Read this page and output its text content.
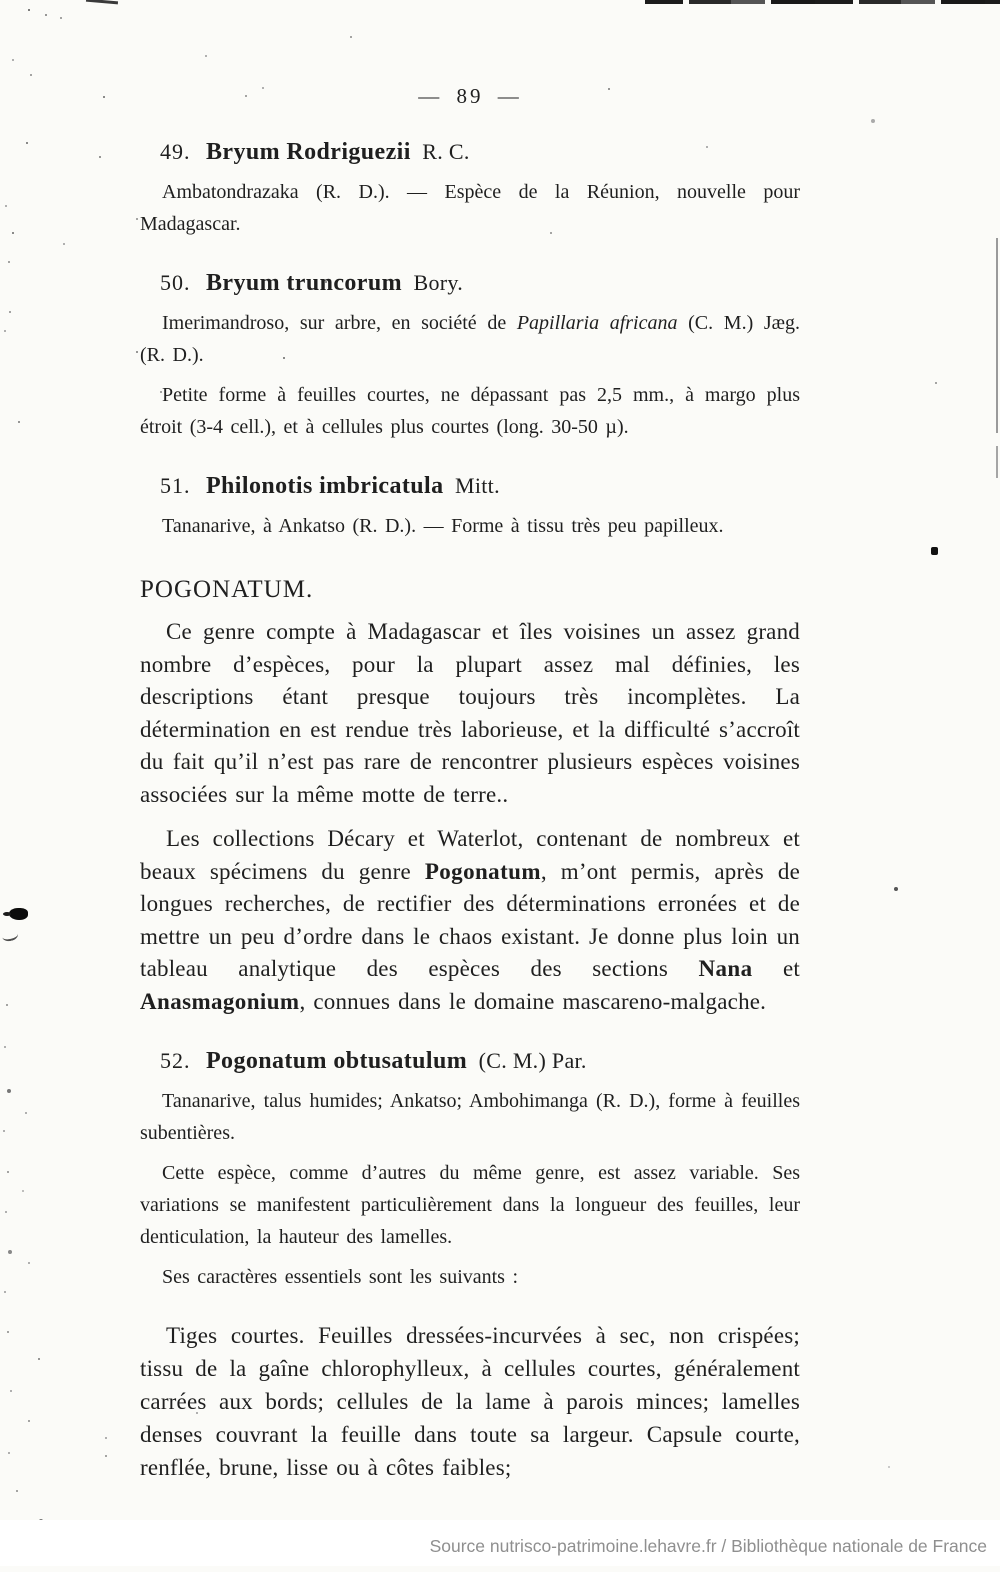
— 89 —
49. Bryum Rodriguezii R. C.

Ambatondrazaka (R. D.). — Espèce de la Réunion, nouvelle pour Madagascar.

50. Bryum truncorum Bory.

Imerimandroso, sur arbre, en société de Papillaria africana (C. M.) Jæg. (R. D.).

Petite forme à feuilles courtes, ne dépassant pas 2,5 mm., à margo plus étroit (3-4 cell.), et à cellules plus courtes (long. 30-50 µ).

51. Philonotis imbricatula Mitt.

Tananarive, à Ankatso (R. D.). — Forme à tissu très peu papilleux.

POGONATUM.

Ce genre compte à Madagascar et îles voisines un assez grand nombre d’espèces, pour la plupart assez mal définies, les descriptions étant presque toujours très incomplètes. La détermination en est rendue très laborieuse, et la difficulté s’accroît du fait qu’il n’est pas rare de rencontrer plusieurs espèces voisines associées sur la même motte de terre..

Les collections Décary et Waterlot, contenant de nombreux et beaux spécimens du genre Pogonatum, m’ont permis, après de longues recherches, de rectifier des déterminations erronées et de mettre un peu d’ordre dans le chaos existant. Je donne plus loin un tableau analytique des espèces des sections Nana et Anasmagonium, connues dans le domaine mascareno-malgache.

52. Pogonatum obtusatulum (C. M.) Par.

Tananarive, talus humides; Ankatso; Ambohimanga (R. D.), forme à feuilles subentières.

Cette espèce, comme d’autres du même genre, est assez variable. Ses variations se manifestent particulièrement dans la longueur des feuilles, leur denticulation, la hauteur des lamelles.

Ses caractères essentiels sont les suivants :

Tiges courtes. Feuilles dressées-incurvées à sec, non crispées; tissu de la gaîne chlorophylleux, à cellules courtes, généralement carrées aux bords; cellules de la lame à parois minces; lamelles denses couvrant la feuille dans toute sa largeur. Capsule courte, renflée, brune, lisse ou à côtes faibles;

Source nutrisco-patrimoine.lehavre.fr / Bibliothèque nationale de France
